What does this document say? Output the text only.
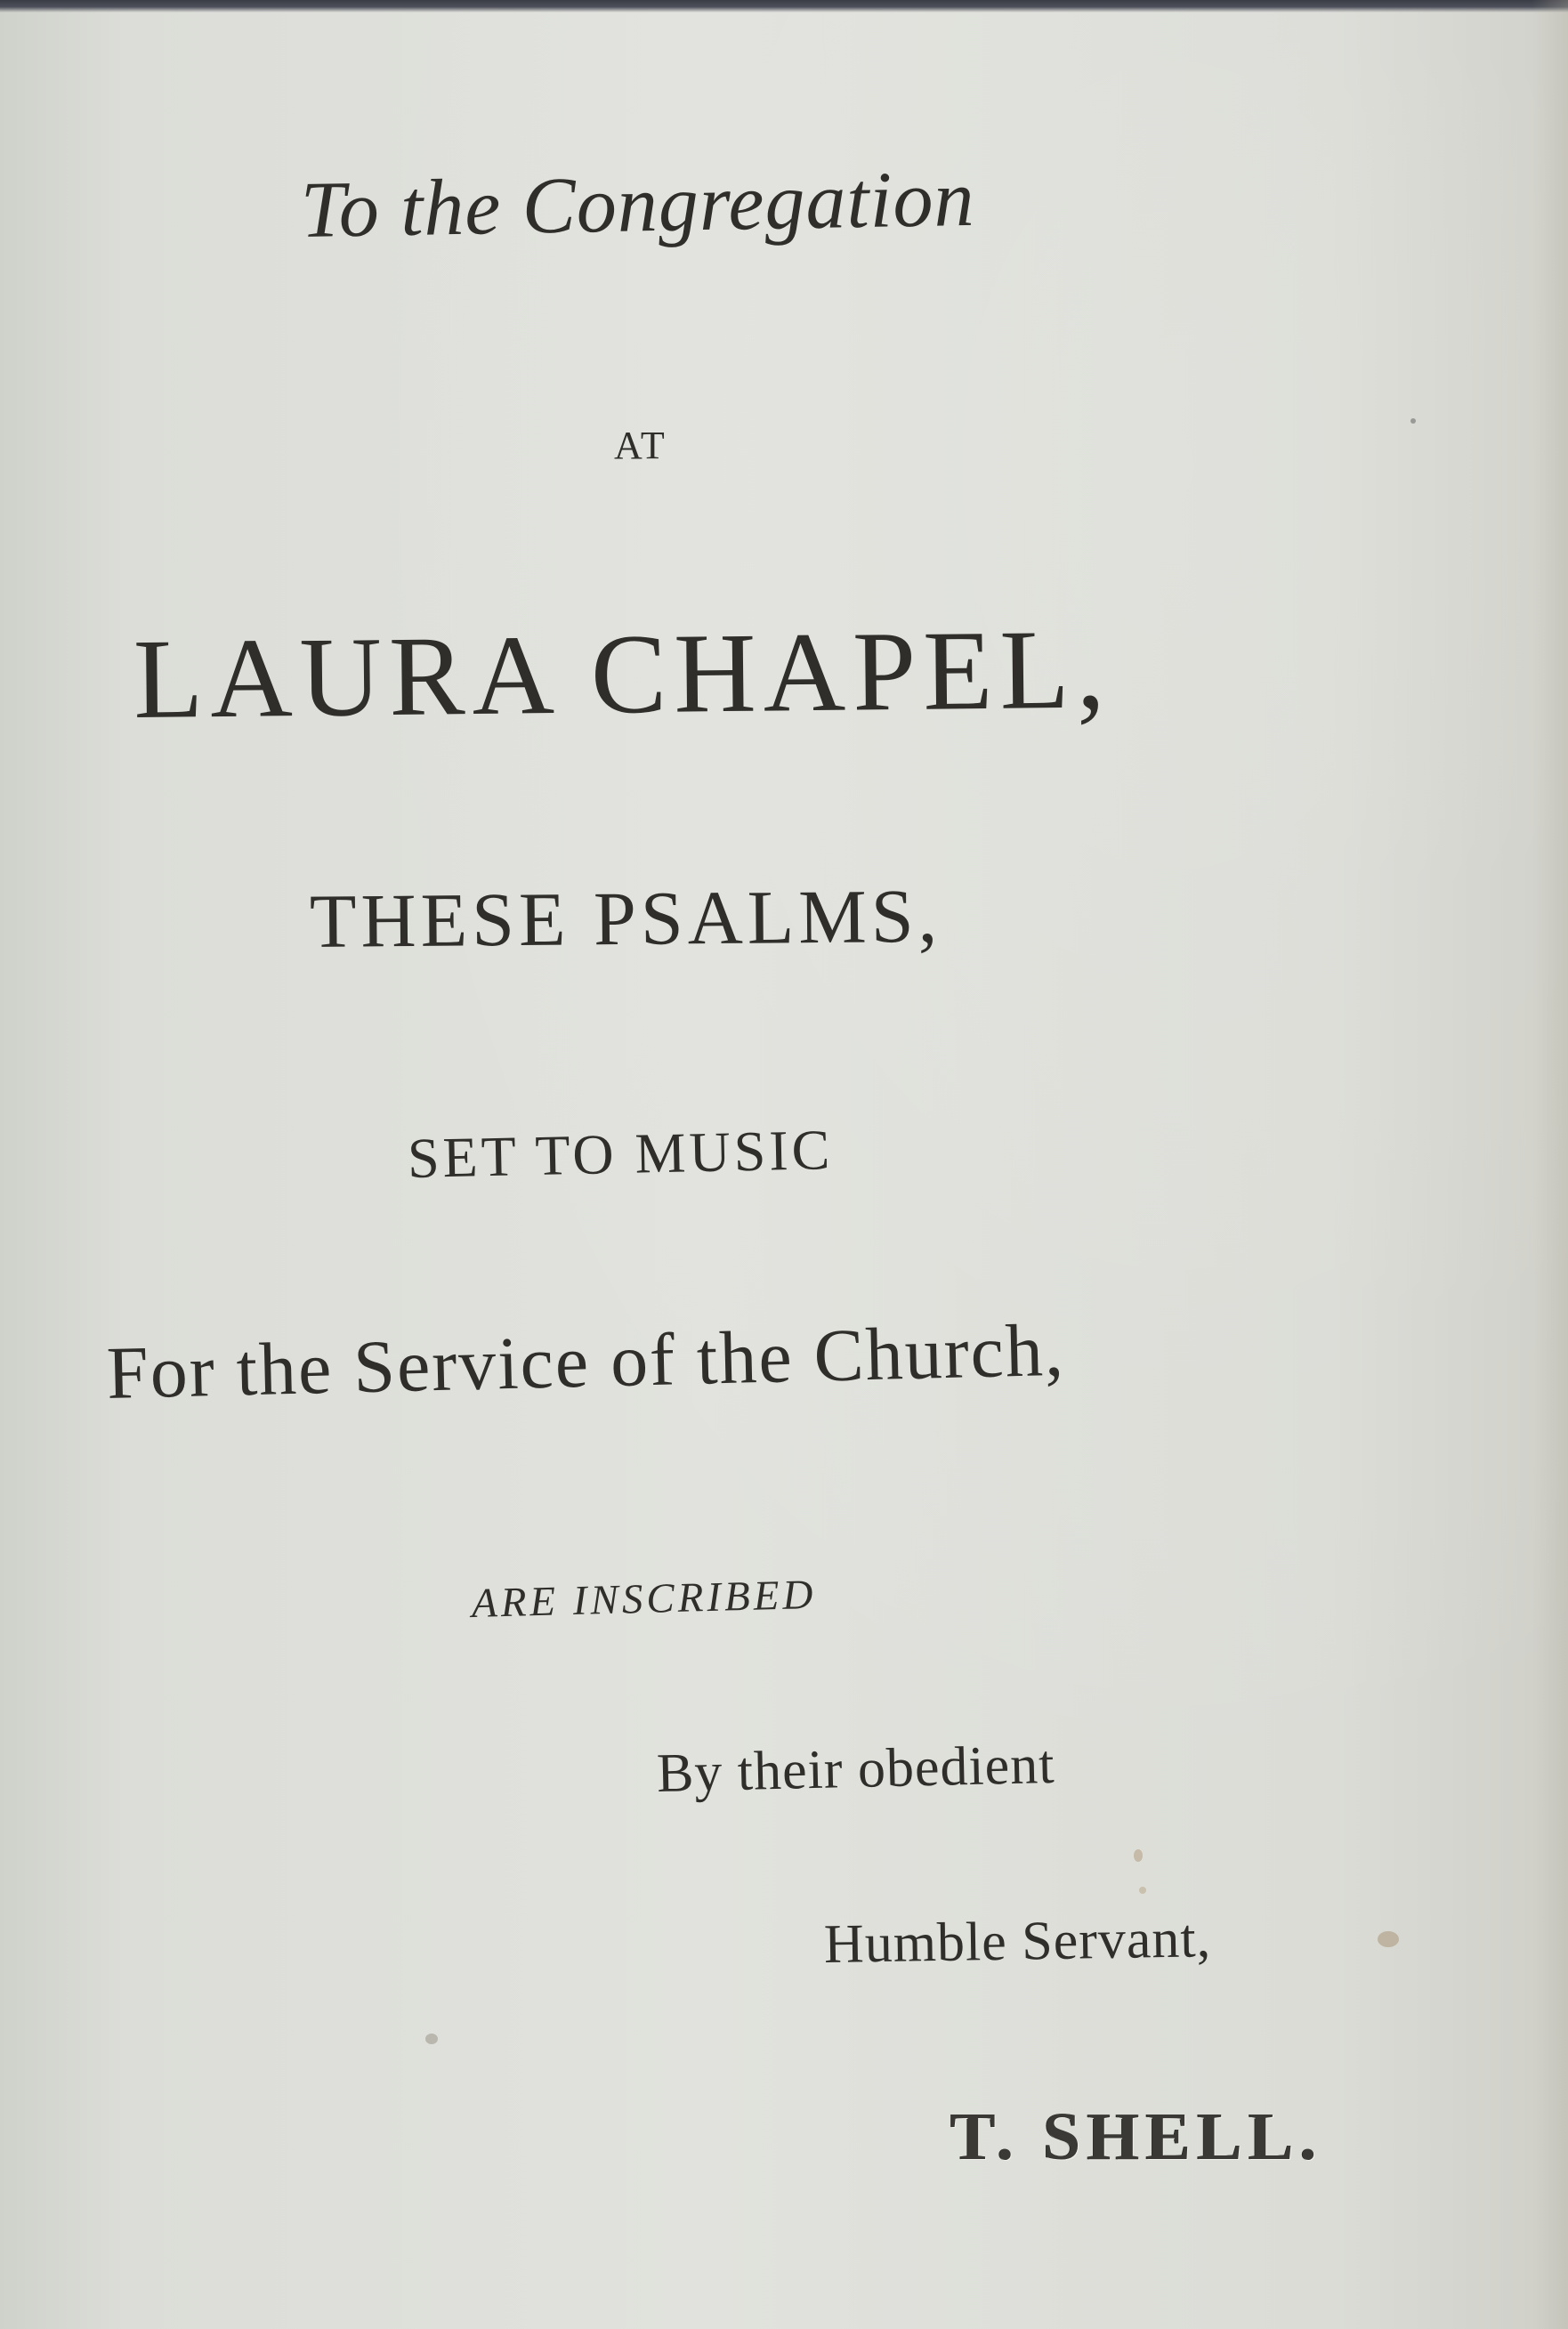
To the Congregation
AT
LAURA CHAPEL,
THESE PSALMS,
SET TO MUSIC
For the Service of the Church,
ARE INSCRIBED
By their obedient
Humble Servant,
T. SHELL.
